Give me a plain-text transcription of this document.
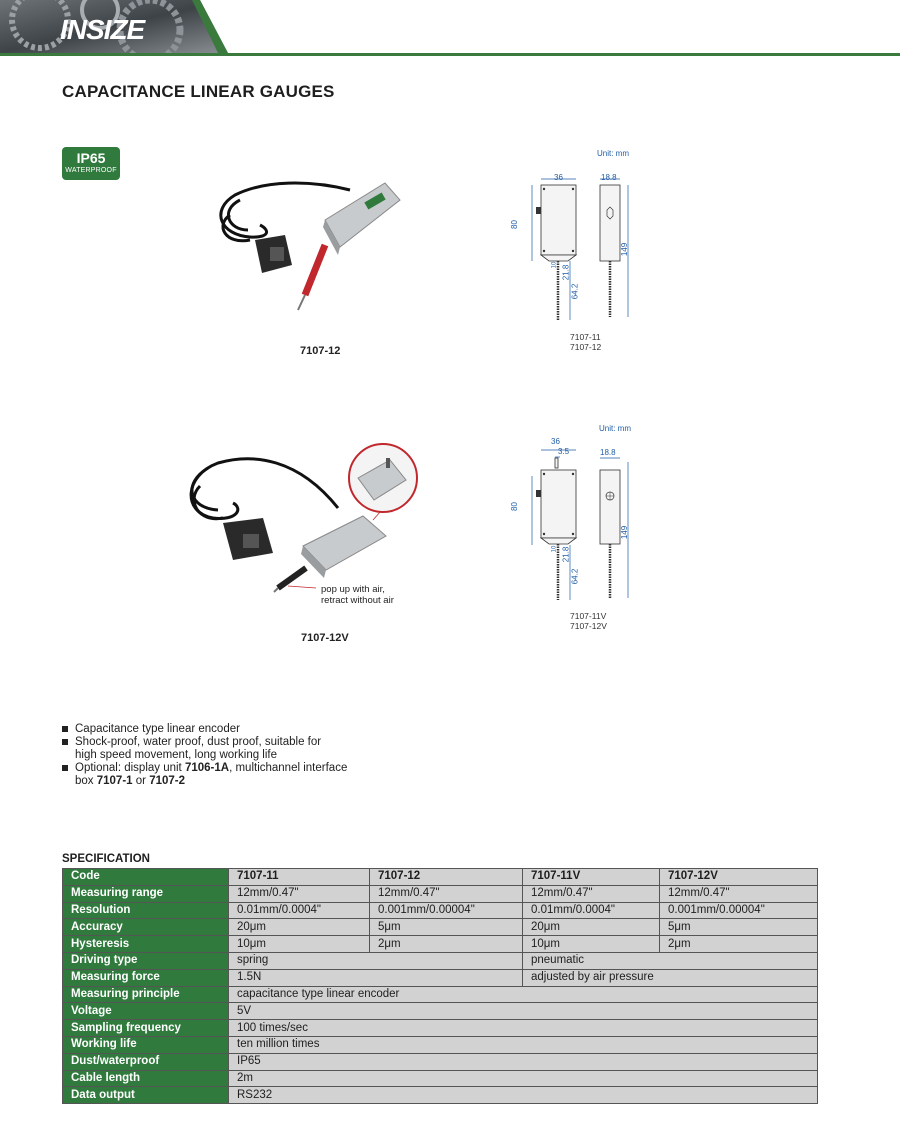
INSIZE
CAPACITANCE LINEAR GAUGES
IP65
WATERPROOF
7107-12
Unit: mm
36	18.8
80
149
21.8
64.2
10
7107-11
7107-12
pop up with air,
retract without air
7107-12V
Unit: mm
36
3.5	18.8
80
149
21.8
64.2
10
7107-11V
7107-12V
Capacitance type linear encoder
Shock-proof, water proof, dust proof, suitable for
high speed movement, long working life
Optional: display unit 7106-1A, multichannel interface
box 7107-1 or 7107-2
SPECIFICATION
Code	7107-11	7107-12	7107-11V	7107-12V
Measuring range	12mm/0.47"	12mm/0.47"	12mm/0.47"	12mm/0.47"
Resolution	0.01mm/0.0004"	0.001mm/0.00004"	0.01mm/0.0004"	0.001mm/0.00004"
Accuracy	20μm	5μm	20μm	5μm
Hysteresis	10μm	2μm	10μm	2μm
Driving type	spring		pneumatic	
Measuring force	1.5N		adjusted by air pressure	
Measuring principle	capacitance type linear encoder			
Voltage	5V			
Sampling frequency	100 times/sec			
Working life	ten million times			
Dust/waterproof	IP65			
Cable length	2m			
Data output	RS232			
